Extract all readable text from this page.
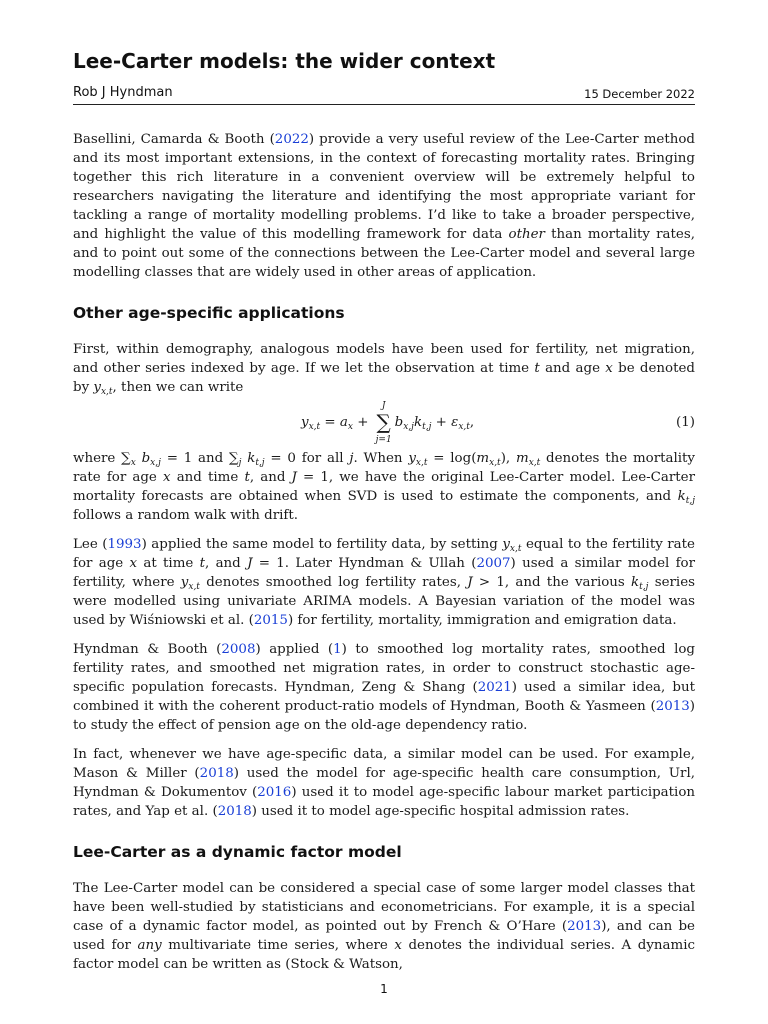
Lee-Carter models: the wider context
Rob J Hyndman	15 December 2022

Basellini, Camarda & Booth (2022) provide a very useful review of the Lee-Carter method and its most important extensions, in the context of forecasting mortality rates. Bringing together this rich literature in a convenient overview will be extremely helpful to researchers navigating the literature and identifying the most appropriate variant for tackling a range of mortality modelling problems. I’d like to take a broader perspective, and highlight the value of this modelling framework for data other than mortality rates, and to point out some of the connections between the Lee-Carter model and several large modelling classes that are widely used in other areas of application.

Other age-specific applications

First, within demography, analogous models have been used for fertility, net migration, and other series indexed by age. If we let the observation at time t and age x be denoted by $y_{x,t}$, then we can write

$y_{x,t} = a_x$ +
J
∑
j=1
$b_{x,j}k_{t,j} + \varepsilon_{x,t}$,	(1)

where $\sum_x$ $b_{x,j} = 1$ and $\sum_j$ $k_{t,j} = 0$ for all j. When $y_{x,t} = \log(m_{x,t})$, $m_{x,t}$ denotes the mortality rate for age x and time t, and J = 1, we have the original Lee-Carter model. Lee-Carter mortality forecasts are obtained when SVD is used to estimate the components, and $k_{t,j}$ follows a random walk with drift.

Lee (1993) applied the same model to fertility data, by setting $y_{x,t}$ equal to the fertility rate for age x at time t, and J = 1. Later Hyndman & Ullah (2007) used a similar model for fertility, where $y_{x,t}$ denotes smoothed log fertility rates, J > 1, and the various $k_{t,j}$ series were modelled using univariate ARIMA models. A Bayesian variation of the model was used by Wiśniowski et al. (2015) for fertility, mortality, immigration and emigration data.

Hyndman & Booth (2008) applied (1) to smoothed log mortality rates, smoothed log fertility rates, and smoothed net migration rates, in order to construct stochastic age-specific population forecasts. Hyndman, Zeng & Shang (2021) used a similar idea, but combined it with the coherent product-ratio models of Hyndman, Booth & Yasmeen (2013) to study the effect of pension age on the old-age dependency ratio.

In fact, whenever we have age-specific data, a similar model can be used. For example, Mason & Miller (2018) used the model for age-specific health care consumption, Url, Hyndman & Dokumentov (2016) used it to model age-specific labour market participation rates, and Yap et al. (2018) used it to model age-specific hospital admission rates.

Lee-Carter as a dynamic factor model

The Lee-Carter model can be considered a special case of some larger model classes that have been well-studied by statisticians and econometricians. For example, it is a special case of a dynamic factor model, as pointed out by French & O’Hare (2013), and can be used for any multivariate time series, where x denotes the individual series. A dynamic factor model can be written as (Stock & Watson,

1
